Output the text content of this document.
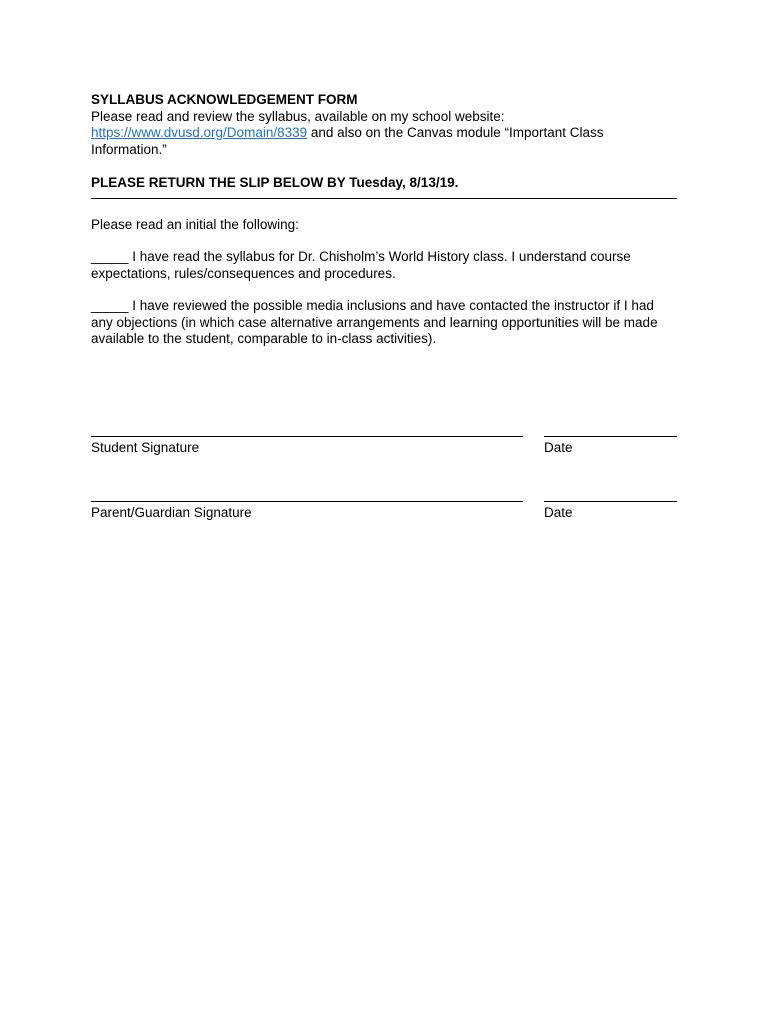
SYLLABUS ACKNOWLEDGEMENT FORM
Please read and review the syllabus, available on my school website:
https://www.dvusd.org/Domain/8339 and also on the Canvas module “Important Class Information.”
PLEASE RETURN THE SLIP BELOW BY Tuesday, 8/13/19.
Please read an initial the following:
_____ I have read the syllabus for Dr. Chisholm’s World History class. I understand course expectations, rules/consequences and procedures.
_____ I have reviewed the possible media inclusions and have contacted the instructor if I had any objections (in which case alternative arrangements and learning opportunities will be made available to the student, comparable to in-class activities).
Student Signature	Date
Parent/Guardian Signature	Date
